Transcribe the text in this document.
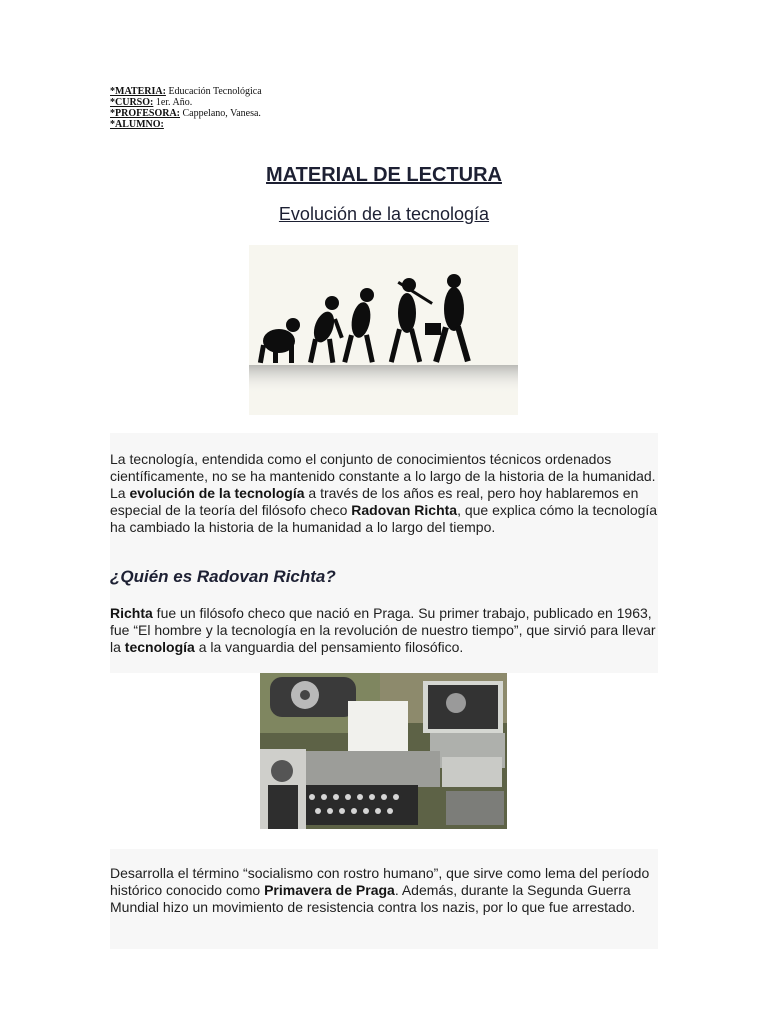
*MATERIA: Educación Tecnológica
*CURSO: 1er. Año.
*PROFESORA: Cappelano, Vanesa.
*ALUMNO:
MATERIAL DE LECTURA
Evolución de la tecnología
La tecnología, entendida como el conjunto de conocimientos técnicos ordenados científicamente, no se ha mantenido constante a lo largo de la historia de la humanidad. La evolución de la tecnología a través de los años es real, pero hoy hablaremos en especial de la teoría del filósofo checo Radovan Richta, que explica cómo la tecnología ha cambiado la historia de la humanidad a lo largo del tiempo.
¿Quién es Radovan Richta?
Richta fue un filósofo checo que nació en Praga. Su primer trabajo, publicado en 1963, fue “El hombre y la tecnología en la revolución de nuestro tiempo”, que sirvió para llevar la tecnología a la vanguardia del pensamiento filosófico.
Desarrolla el término “socialismo con rostro humano”, que sirve como lema del período histórico conocido como Primavera de Praga. Además, durante la Segunda Guerra Mundial hizo un movimiento de resistencia contra los nazis, por lo que fue arrestado.
